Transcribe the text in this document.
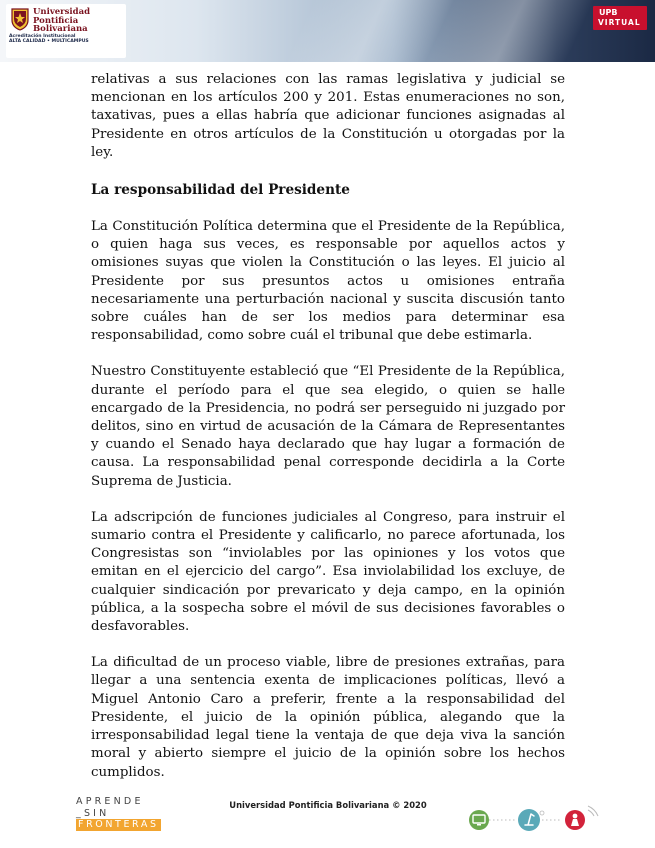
Universidad
Pontificia
Bolivariana
Acreditación Institucional
ALTA CALIDAD • MULTICAMPUS
UPB
VIRTUAL

relativas a sus relaciones con las ramas legislativa y judicial se mencionan en los artículos 200 y 201. Estas enumeraciones no son, taxativas, pues a ellas habría que adicionar funciones asignadas al Presidente en otros artículos de la Constitución u otorgadas por la ley.

La responsabilidad del Presidente

La Constitución Política determina que el Presidente de la República, o quien haga sus veces, es responsable por aquellos actos y omisiones suyas que violen la Constitución o las leyes. El juicio al Presidente por sus presuntos actos u omisiones entraña necesariamente una perturbación nacional y suscita discusión tanto sobre cuáles han de ser los medios para determinar esa responsabilidad, como sobre cuál el tribunal que debe estimarla.

Nuestro Constituyente estableció que “El Presidente de la República, durante el período para el que sea elegido, o quien se halle encargado de la Presidencia, no podrá ser perseguido ni juzgado por delitos, sino en virtud de acusación de la Cámara de Representantes y cuando el Senado haya declarado que hay lugar a formación de causa. La responsabilidad penal corresponde decidirla a la Corte Suprema de Justicia.

La adscripción de funciones judiciales al Congreso, para instruir el sumario contra el Presidente y calificarlo, no parece afortunada, los Congresistas son “inviolables por las opiniones y los votos que emitan en el ejercicio del cargo”. Esa inviolabilidad los excluye, de cualquier sindicación por prevaricato y deja campo, en la opinión pública, a la sospecha sobre el móvil de sus decisiones favorables o desfavorables.

La dificultad de un proceso viable, libre de presiones extrañas, para llegar a una sentencia exenta de implicaciones políticas, llevó a Miguel Antonio Caro a preferir, frente a la responsabilidad del Presidente, el juicio de la opinión pública, alegando que la irresponsabilidad legal tiene la ventaja de que deja viva la sanción moral y abierto siempre el juicio de la opinión sobre los hechos cumplidos.

APRENDE
_SIN
FRONTERAS
Universidad Pontificia Bolivariana © 2020
